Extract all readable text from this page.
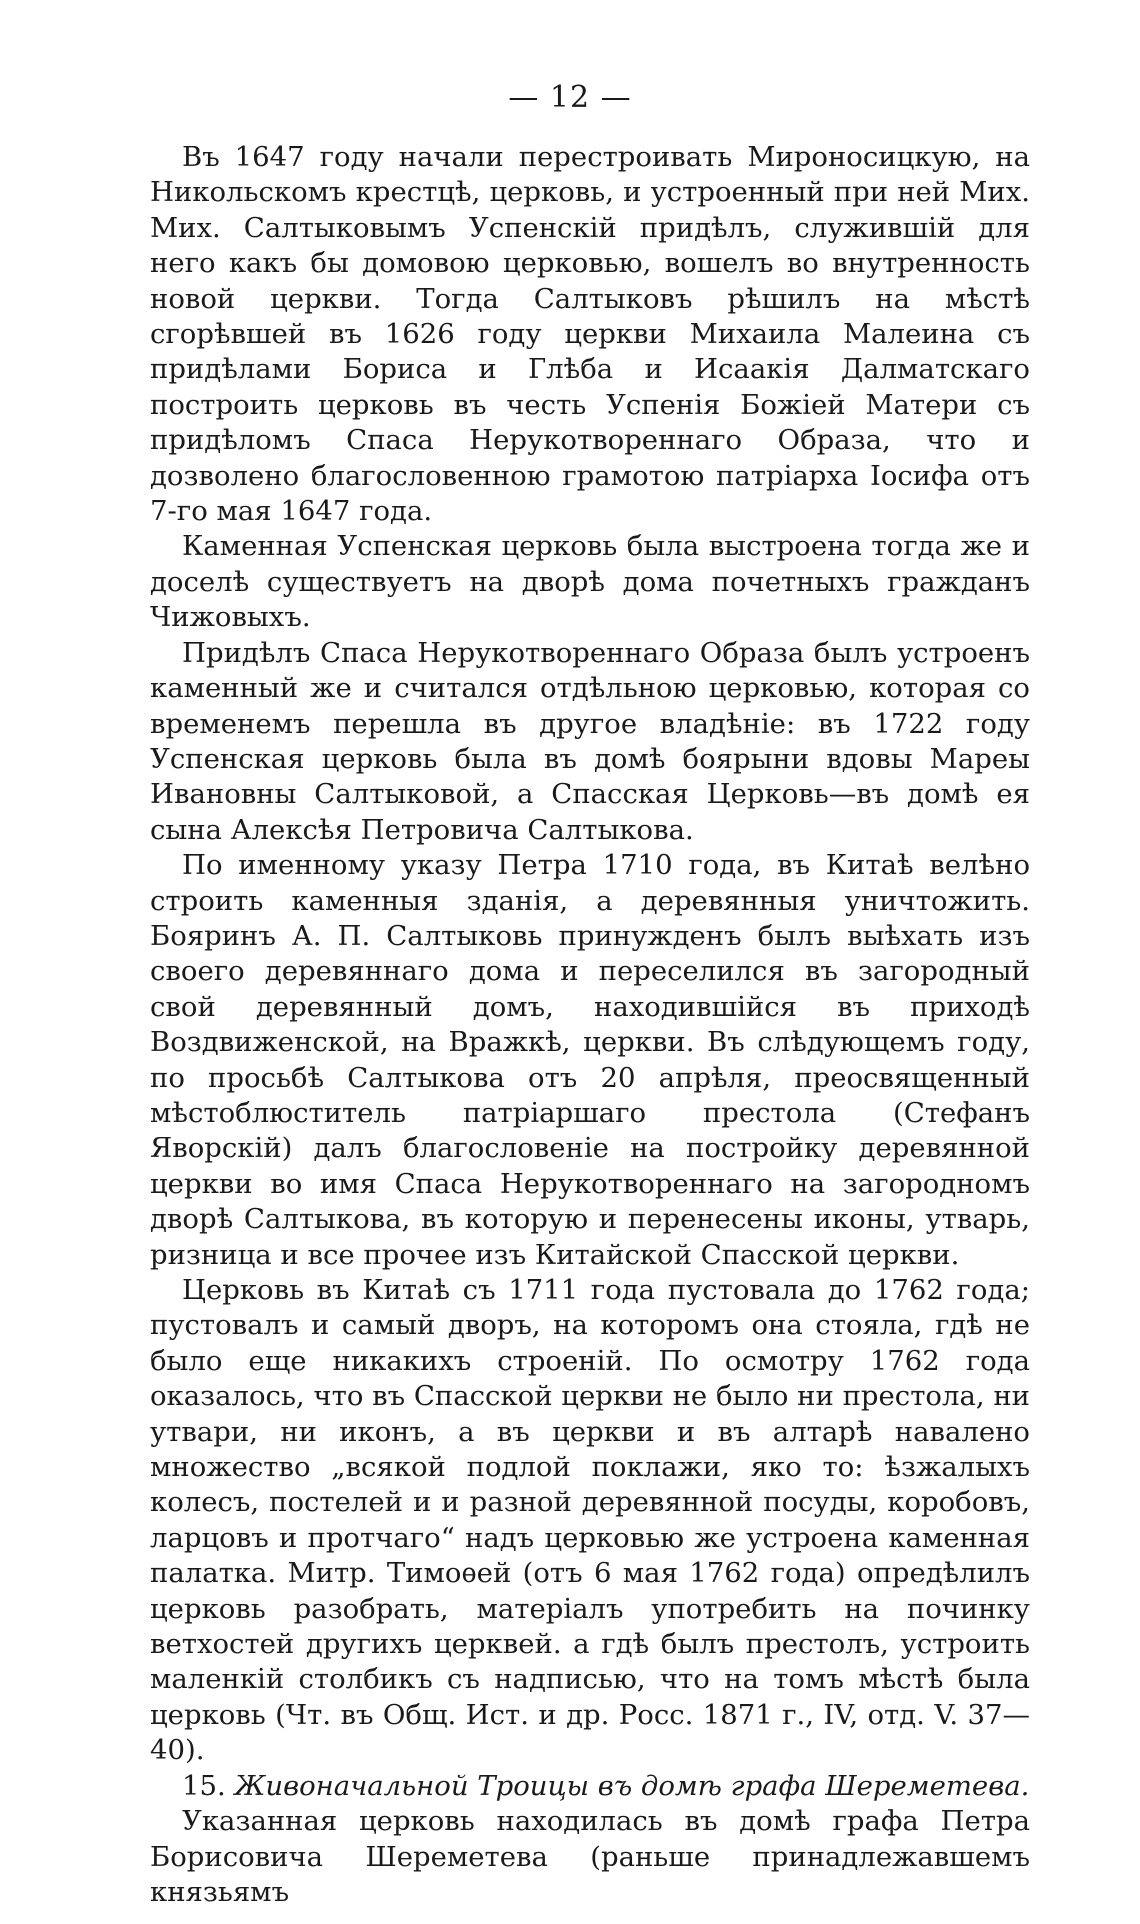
— 12 —

Въ 1647 году начали перестроивать Мироносицкую, на Никольскомъ крестцѣ, церковь, и устроенный при ней Мих. Мих. Салтыковымъ Успенскій придѣлъ, служившій для него какъ бы домовою церковью, вошелъ во внутренность новой церкви. Тогда Салтыковъ рѣшилъ на мѣстѣ сгорѣвшей въ 1626 году церкви Михаила Малеина съ придѣлами Бориса и Глѣба и Исаакія Далматскаго построить церковь въ честь Успенія Божіей Матери съ придѣломъ Спаса Нерукотвореннаго Образа, что и дозволено благословенною грамотою патріарха Іосифа отъ 7-го мая 1647 года.

Каменная Успенская церковь была выстроена тогда же и доселѣ существуетъ на дворѣ дома почетныхъ гражданъ Чижовыхъ.

Придѣлъ Спаса Нерукотвореннаго Образа былъ устроенъ каменный же и считался отдѣльною церковью, которая со временемъ перешла въ другое владѣніе: въ 1722 году Успенская церковь была въ домѣ боярыни вдовы Мареы Ивановны Салтыковой, а Спасская Церковь—въ домѣ ея сына Алексѣя Петровича Салтыкова.

По именному указу Петра 1710 года, въ Китаѣ велѣно строить каменныя зданія, а деревянныя уничтожить. Бояринъ А. П. Салтыковь принужденъ былъ выѣхать изъ своего деревяннаго дома и переселился въ загородный свой деревянный домъ, находившійся въ приходѣ Воздвиженской, на Вражкѣ, церкви. Въ слѣдующемъ году, по просьбѣ Салтыкова отъ 20 апрѣля, преосвященный мѣстоблюститель патріаршаго престола (Стефанъ Яворскій) далъ благословеніе на постройку деревянной церкви во имя Спаса Нерукотвореннаго на загородномъ дворѣ Салтыкова, въ которую и перенесены иконы, утварь, ризница и все прочее изъ Китайской Спасской церкви.

Церковь въ Китаѣ съ 1711 года пустовала до 1762 года; пустовалъ и самый дворъ, на которомъ она стояла, гдѣ не было еще никакихъ строеній. По осмотру 1762 года оказалось, что въ Спасской церкви не было ни престола, ни утвари, ни иконъ, а въ церкви и въ алтарѣ навалено множество „всякой подлой поклажи, яко то: ѣзжалыхъ колесъ, постелей и и разной деревянной посуды, коробовъ, ларцовъ и протчаго“ надъ церковью же устроена каменная палатка. Митр. Тимоѳей (отъ 6 мая 1762 года) опредѣлилъ церковь разобрать, матеріалъ употребить на починку ветхостей другихъ церквей. а гдѣ былъ престолъ, устроить маленкій столбикъ съ надписью, что на томъ мѣстѣ была церковь (Чт. въ Общ. Ист. и др. Росс. 1871 г., IV, отд. V. 37—40).

15. Живоначальной Троицы въ домѣ графа Шереметева.

Указанная церковь находилась въ домѣ графа Петра Борисовича Шереметева (раньше принадлежавшемъ князьямъ
